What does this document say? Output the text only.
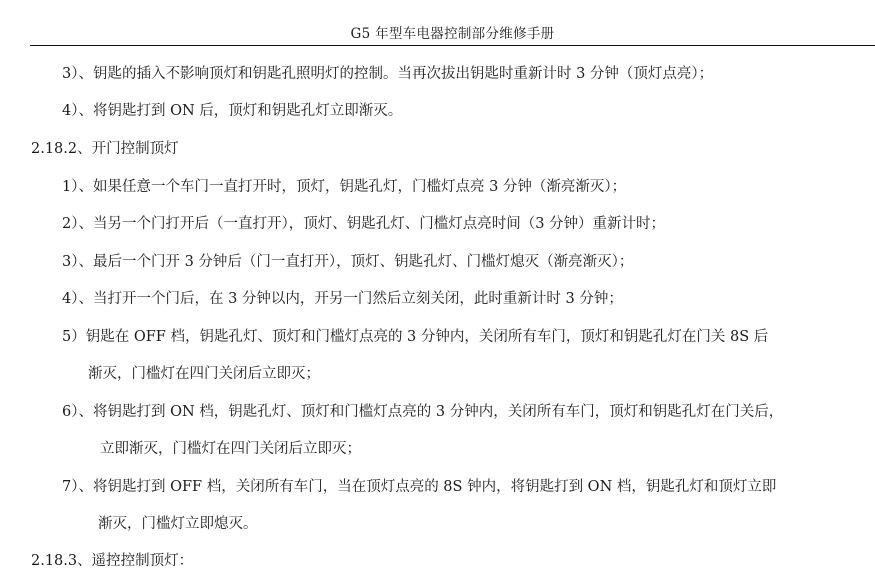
G5 年型车电器控制部分维修手册
3）、钥匙的插入不影响顶灯和钥匙孔照明灯的控制。当再次拔出钥匙时重新计时 3 分钟（顶灯点亮）；
4）、将钥匙打到 ON 后，顶灯和钥匙孔灯立即渐灭。
2.18.2、开门控制顶灯
1）、如果任意一个车门一直打开时，顶灯，钥匙孔灯，门槛灯点亮 3 分钟（渐亮渐灭）；
2）、当另一个门打开后（一直打开），顶灯、钥匙孔灯、门槛灯点亮时间（3 分钟）重新计时；
3）、最后一个门开 3 分钟后（门一直打开），顶灯、钥匙孔灯、门槛灯熄灭（渐亮渐灭）；
4）、当打开一个门后，在 3 分钟以内，开另一门然后立刻关闭，此时重新计时 3 分钟；
5）钥匙在 OFF 档，钥匙孔灯、顶灯和门槛灯点亮的 3 分钟内，关闭所有车门，顶灯和钥匙孔灯在门关 8S 后
渐灭，门槛灯在四门关闭后立即灭；
6）、将钥匙打到 ON 档，钥匙孔灯、顶灯和门槛灯点亮的 3 分钟内，关闭所有车门，顶灯和钥匙孔灯在门关后，
立即渐灭，门槛灯在四门关闭后立即灭；
7）、将钥匙打到 OFF 档，关闭所有车门，当在顶灯点亮的 8S 钟内，将钥匙打到 ON 档，钥匙孔灯和顶灯立即
渐灭，门槛灯立即熄灭。
2.18.3、遥控控制顶灯：
